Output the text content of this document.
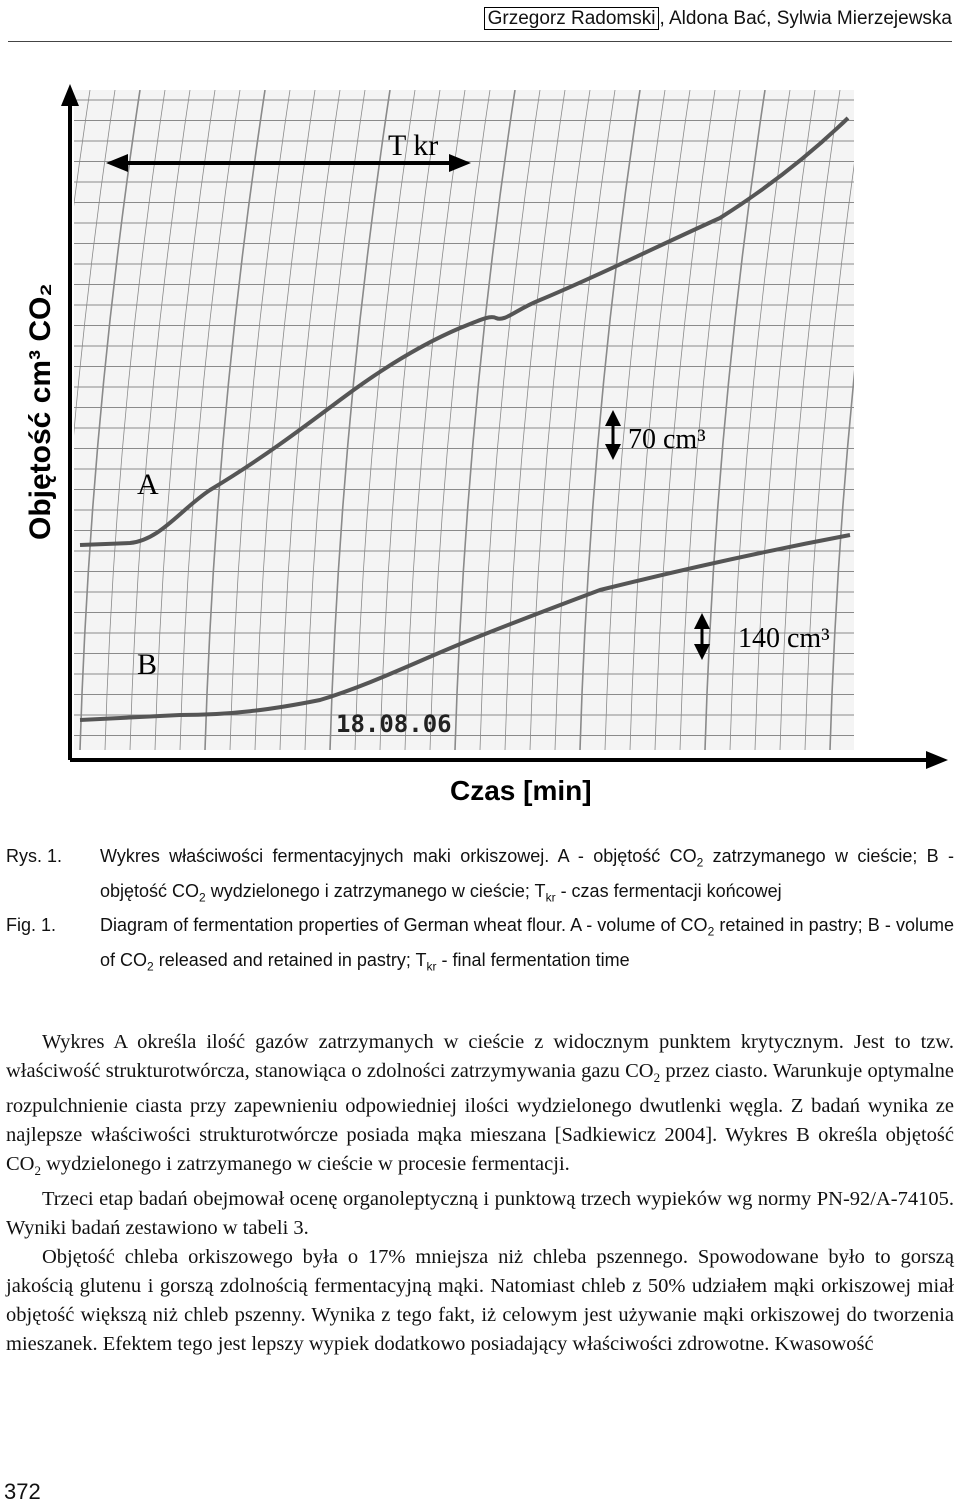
Grzegorz Radomski , Aldona Bać, Sylwia Mierzejewska
T kr
70 cm³
140 cm³
A
B
18.08.06
Objętość cm³ CO₂
Czas [min]
Rys. 1.	Wykres właściwości fermentacyjnych maki orkiszowej. A - objętość $CO_2$ zatrzymanego w cieście; B - objętość $CO_2$ wydzielonego i zatrzymanego w cieście; $T_{kr}$ - czas fermentacji końcowej
Fig. 1.	Diagram of fermentation properties of German wheat flour. A - volume of $CO_2$ retained in pastry; B - volume of $CO_2$ released and retained in pastry; $T_{kr}$ - final fermentation time

Wykres A określa ilość gazów zatrzymanych w cieście z widocznym punktem krytycznym. Jest to tzw. właściwość strukturotwórcza, stanowiąca o zdolności zatrzymywania gazu $CO_2$ przez ciasto. Warunkuje optymalne rozpulchnienie ciasta przy zapewnieniu odpowiedniej ilości wydzielonego dwutlenki węgla. Z badań wynika ze najlepsze właściwości strukturotwórcze posiada mąka mieszana [Sadkiewicz 2004]. Wykres B określa objętość $CO_2$ wydzielonego i zatrzymanego w cieście w procesie fermentacji.

Trzeci etap badań obejmował ocenę organoleptyczną i punktową trzech wypieków wg normy PN-92/A-74105. Wyniki badań zestawiono w tabeli 3.

Objętość chleba orkiszowego była o 17% mniejsza niż chleba pszennego. Spowodowane było to gorszą jakością glutenu i gorszą zdolnością fermentacyjną mąki. Natomiast chleb z 50% udziałem mąki orkiszowej miał objętość większą niż chleb pszenny. Wynika z tego fakt, iż celowym jest używanie mąki orkiszowej do tworzenia mieszanek. Efektem tego jest lepszy wypiek dodatkowo posiadający właściwości zdrowotne. Kwasowość

372
